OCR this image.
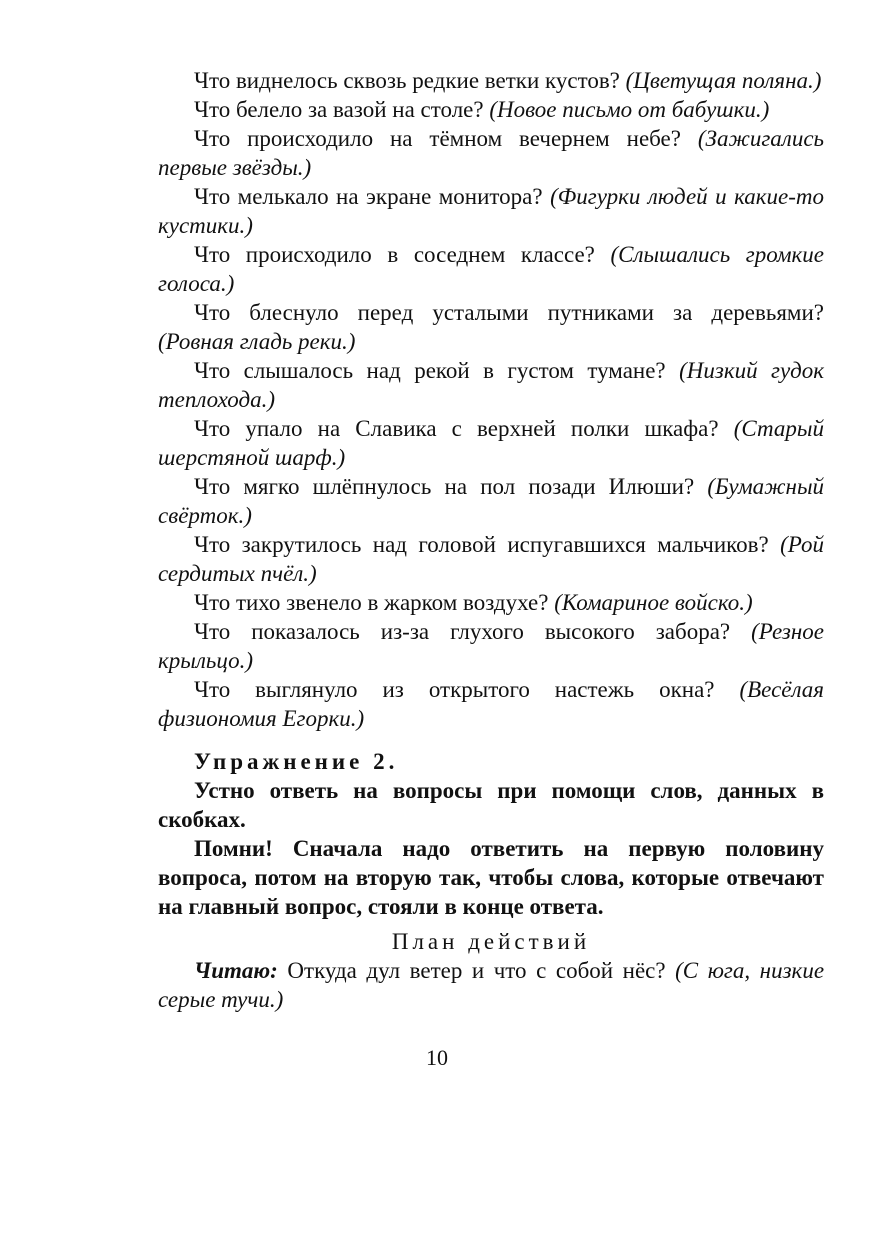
Что виднелось сквозь редкие ветки кустов? (Цветущая поляна.)

Что белело за вазой на столе? (Новое письмо от бабушки.)

Что происходило на тёмном вечернем небе? (Зажигались первые звёзды.)

Что мелькало на экране монитора? (Фигурки людей и какие-то кустики.)

Что происходило в соседнем классе? (Слышались громкие голоса.)

Что блеснуло перед усталыми путниками за деревьями? (Ровная гладь реки.)

Что слышалось над рекой в густом тумане? (Низкий гудок теплохода.)

Что упало на Славика с верхней полки шкафа? (Старый шерстяной шарф.)

Что мягко шлёпнулось на пол позади Илюши? (Бумажный свёрток.)

Что закрутилось над головой испугавшихся мальчиков? (Рой сердитых пчёл.)

Что тихо звенело в жарком воздухе? (Комариное войско.)

Что показалось из-за глухого высокого забора? (Резное крыльцо.)

Что выглянуло из открытого настежь окна? (Весёлая физиономия Егорки.)

Упражнение 2.

Устно ответь на вопросы при помощи слов, данных в скобках.

Помни! Сначала надо ответить на первую половину вопроса, потом на вторую так, чтобы слова, которые отвечают на главный вопрос, стояли в конце ответа.

План действий

Читаю: Откуда дул ветер и что с собой нёс? (С юга, низкие серые тучи.)

10
